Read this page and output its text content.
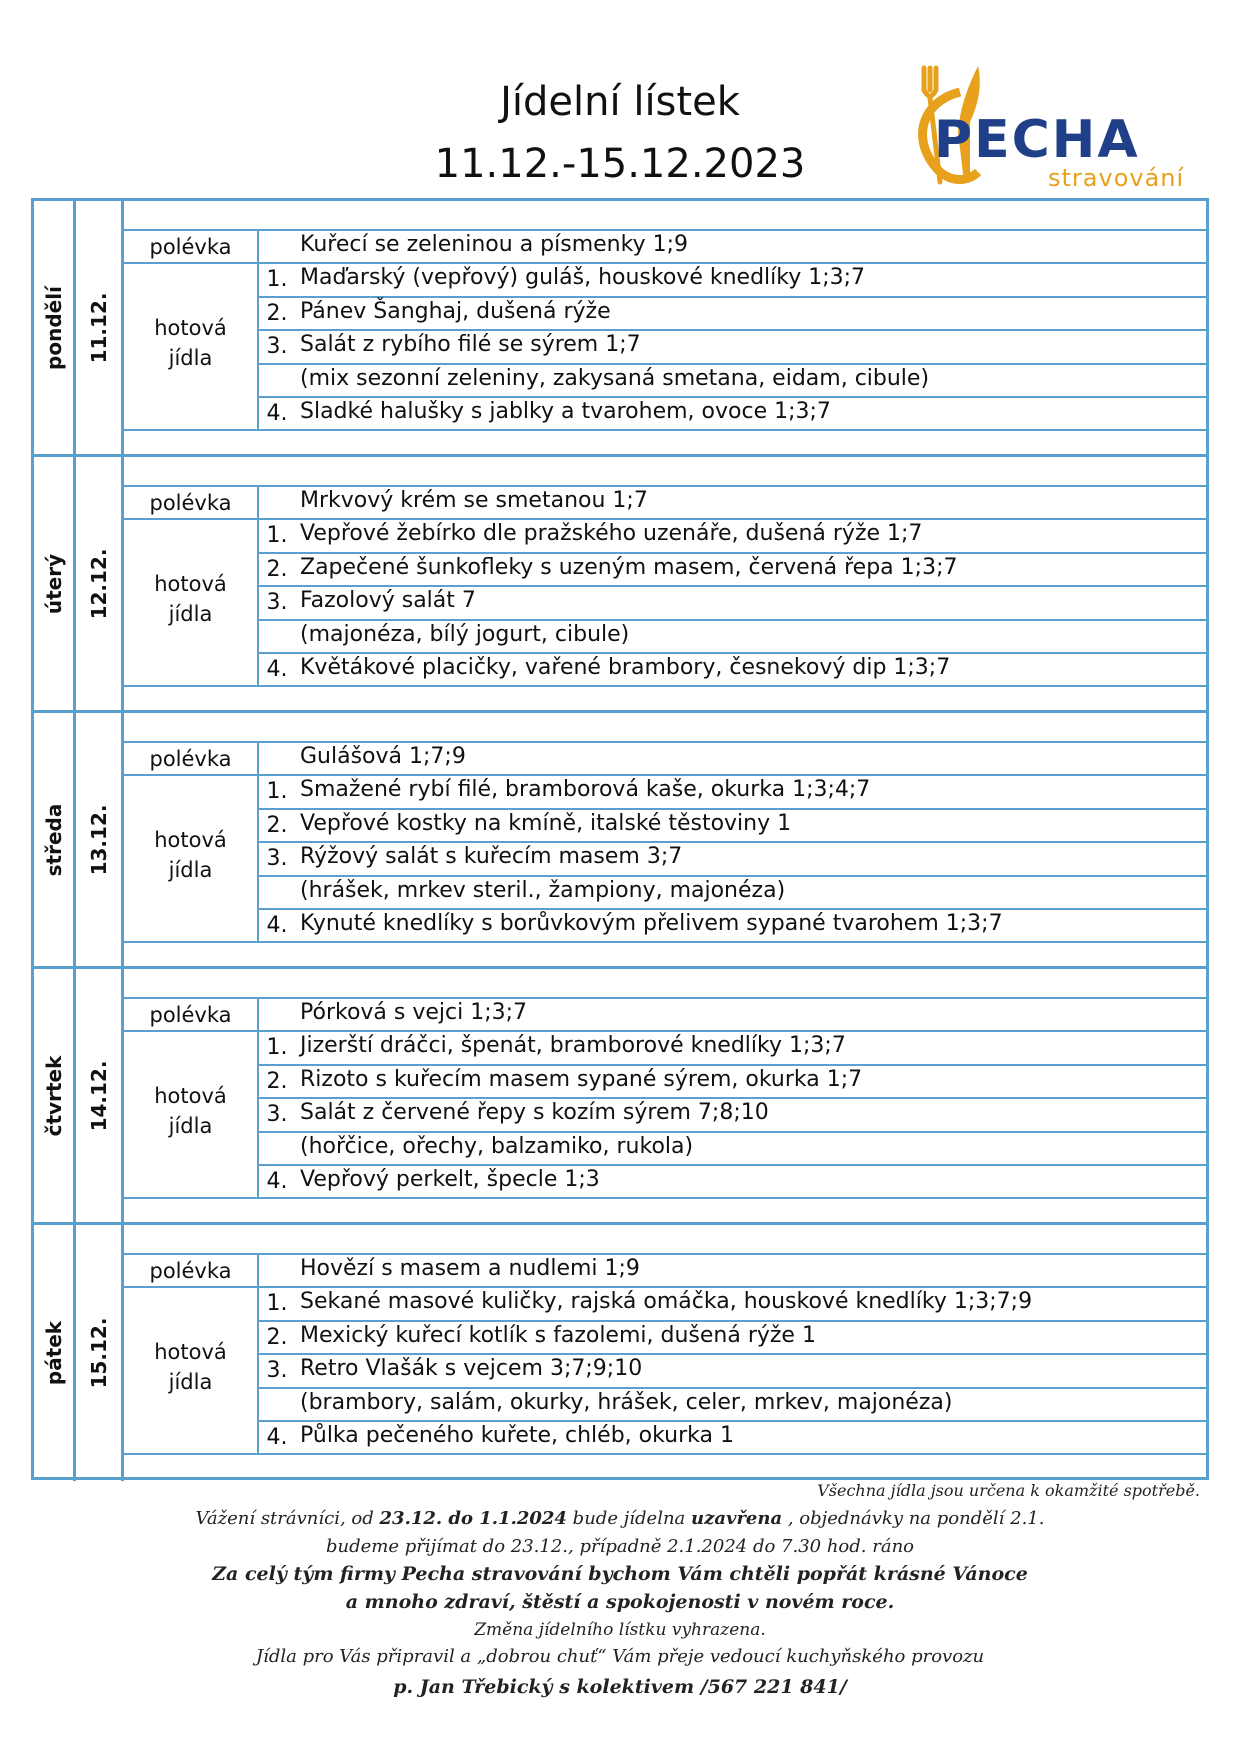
Jídelní lístek
11.12.-15.12.2023	PECHA
stravování
pondělí 11.12.
polévka
hotová
jídla
Kuřecí se zeleninou a písmenky 1;9
1. Maďarský (vepřový) guláš, houskové knedlíky 1;3;7
2. Pánev Šanghaj, dušená rýže
3. Salát z rybího filé se sýrem 1;7
(mix sezonní zeleniny, zakysaná smetana, eidam, cibule)
4. Sladké halušky s jablky a tvarohem, ovoce 1;3;7
úterý 12.12.
polévka
hotová
jídla
Mrkvový krém se smetanou 1;7
1. Vepřové žebírko dle pražského uzenáře, dušená rýže 1;7
2. Zapečené šunkofleky s uzeným masem, červená řepa 1;3;7
3. Fazolový salát 7
(majonéza, bílý jogurt, cibule)
4. Květákové placičky, vařené brambory, česnekový dip 1;3;7
středa 13.12.
polévka
hotová
jídla
Gulášová 1;7;9
1. Smažené rybí filé, bramborová kaše, okurka 1;3;4;7
2. Vepřové kostky na kmíně, italské těstoviny 1
3. Rýžový salát s kuřecím masem 3;7
(hrášek, mrkev steril., žampiony, majonéza)
4. Kynuté knedlíky s borůvkovým přelivem sypané tvarohem 1;3;7
čtvrtek 14.12.
polévka
hotová
jídla
Pórková s vejci 1;3;7
1. Jizerští dráčci, špenát, bramborové knedlíky 1;3;7
2. Rizoto s kuřecím masem sypané sýrem, okurka 1;7
3. Salát z červené řepy s kozím sýrem 7;8;10
(hořčice, ořechy, balzamiko, rukola)
4. Vepřový perkelt, špecle 1;3
pátek 15.12.
polévka
hotová
jídla
Hovězí s masem a nudlemi 1;9
1. Sekané masové kuličky, rajská omáčka, houskové knedlíky 1;3;7;9
2. Mexický kuřecí kotlík s fazolemi, dušená rýže 1
3. Retro Vlašák s vejcem 3;7;9;10
(brambory, salám, okurky, hrášek, celer, mrkev, majonéza)
4. Půlka pečeného kuřete, chléb, okurka 1
Všechna jídla jsou určena k okamžité spotřebě.
Vážení strávníci, od 23.12. do 1.1.2024 bude jídelna uzavřena , objednávky na pondělí 2.1.
budeme přijímat do 23.12., případně 2.1.2024 do 7.30 hod. ráno
Za celý tým firmy Pecha stravování bychom Vám chtěli popřát krásné Vánoce
a mnoho zdraví, štěstí a spokojenosti v novém roce.
Změna jídelního lístku vyhrazena.
Jídla pro Vás připravil a „dobrou chuť“ Vám přeje vedoucí kuchyňského provozu
p. Jan Třebický s kolektivem /567 221 841/
